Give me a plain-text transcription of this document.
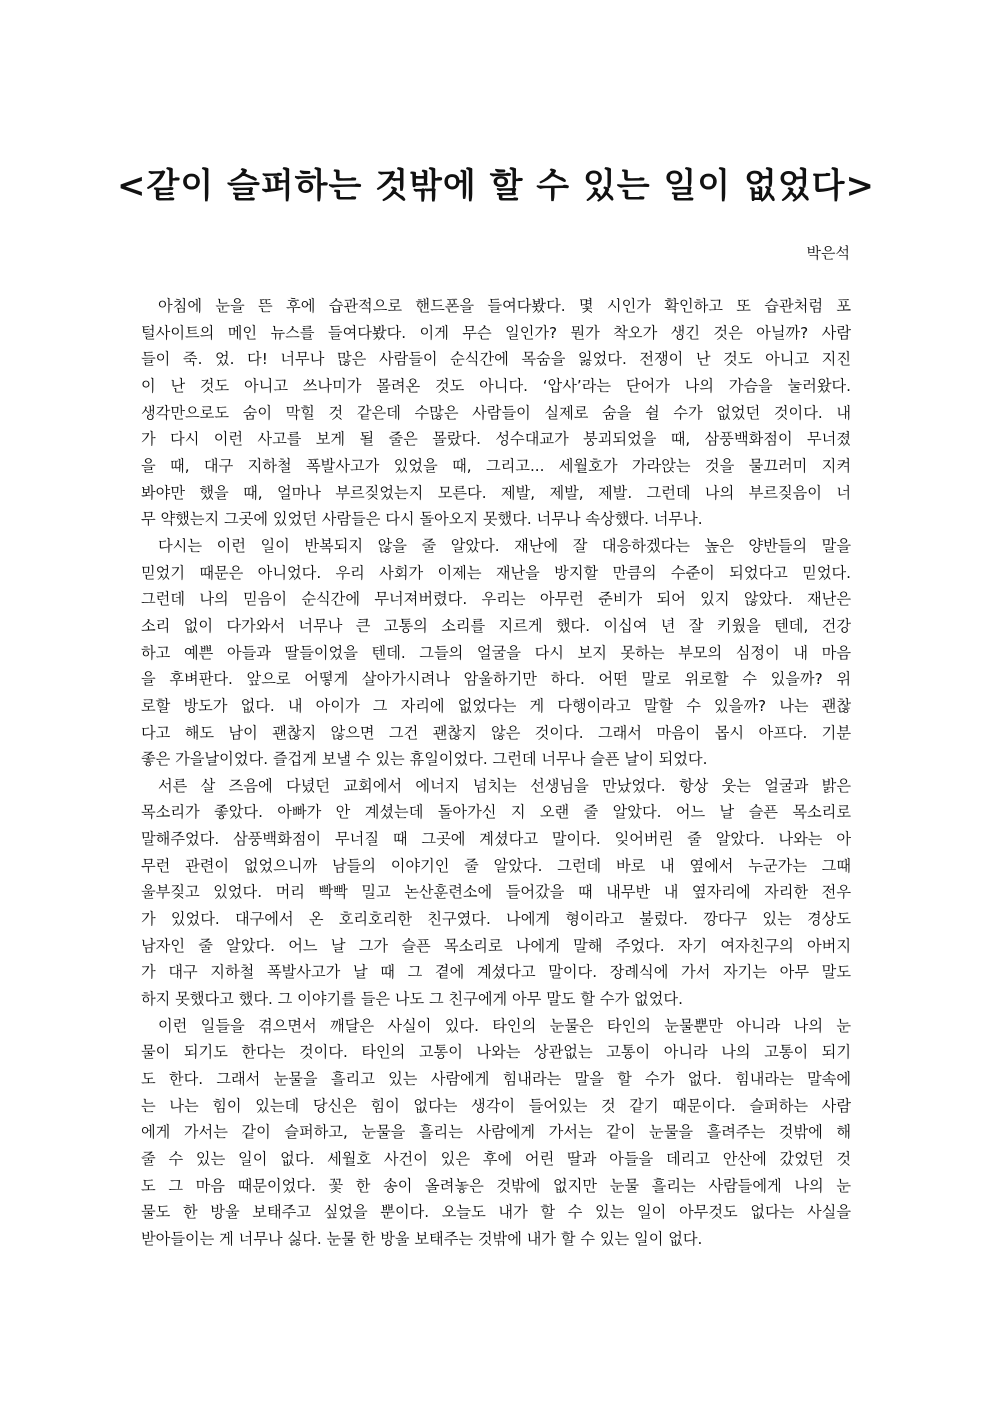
<같이 슬퍼하는 것밖에 할 수 있는 일이 없었다>
박은석
아침에 눈을 뜬 후에 습관적으로 핸드폰을 들여다봤다. 몇 시인가 확인하고 또 습관처럼 포
털사이트의 메인 뉴스를 들여다봤다. 이게 무슨 일인가? 뭔가 착오가 생긴 것은 아닐까? 사람
들이 죽. 었. 다! 너무나 많은 사람들이 순식간에 목숨을 잃었다. 전쟁이 난 것도 아니고 지진
이 난 것도 아니고 쓰나미가 몰려온 것도 아니다. ‘압사’라는 단어가 나의 가슴을 눌러왔다.
생각만으로도 숨이 막힐 것 같은데 수많은 사람들이 실제로 숨을 쉴 수가 없었던 것이다. 내
가 다시 이런 사고를 보게 될 줄은 몰랐다. 성수대교가 붕괴되었을 때, 삼풍백화점이 무너졌
을 때, 대구 지하철 폭발사고가 있었을 때, 그리고... 세월호가 가라앉는 것을 물끄러미 지켜
봐야만 했을 때, 얼마나 부르짖었는지 모른다. 제발, 제발, 제발. 그런데 나의 부르짖음이 너
무 약했는지 그곳에 있었던 사람들은 다시 돌아오지 못했다. 너무나 속상했다. 너무나.
다시는 이런 일이 반복되지 않을 줄 알았다. 재난에 잘 대응하겠다는 높은 양반들의 말을
믿었기 때문은 아니었다. 우리 사회가 이제는 재난을 방지할 만큼의 수준이 되었다고 믿었다.
그런데 나의 믿음이 순식간에 무너져버렸다. 우리는 아무런 준비가 되어 있지 않았다. 재난은
소리 없이 다가와서 너무나 큰 고통의 소리를 지르게 했다. 이십여 년 잘 키웠을 텐데, 건강
하고 예쁜 아들과 딸들이었을 텐데. 그들의 얼굴을 다시 보지 못하는 부모의 심정이 내 마음
을 후벼판다. 앞으로 어떻게 살아가시려나 암울하기만 하다. 어떤 말로 위로할 수 있을까? 위
로할 방도가 없다. 내 아이가 그 자리에 없었다는 게 다행이라고 말할 수 있을까? 나는 괜찮
다고 해도 남이 괜찮지 않으면 그건 괜찮지 않은 것이다. 그래서 마음이 몹시 아프다. 기분
좋은 가을날이었다. 즐겁게 보낼 수 있는 휴일이었다. 그런데 너무나 슬픈 날이 되었다.
서른 살 즈음에 다녔던 교회에서 에너지 넘치는 선생님을 만났었다. 항상 웃는 얼굴과 밝은
목소리가 좋았다. 아빠가 안 계셨는데 돌아가신 지 오랜 줄 알았다. 어느 날 슬픈 목소리로
말해주었다. 삼풍백화점이 무너질 때 그곳에 계셨다고 말이다. 잊어버린 줄 알았다. 나와는 아
무런 관련이 없었으니까 남들의 이야기인 줄 알았다. 그런데 바로 내 옆에서 누군가는 그때
울부짖고 있었다. 머리 빡빡 밀고 논산훈련소에 들어갔을 때 내무반 내 옆자리에 자리한 전우
가 있었다. 대구에서 온 호리호리한 친구였다. 나에게 형이라고 불렀다. 깡다구 있는 경상도
남자인 줄 알았다. 어느 날 그가 슬픈 목소리로 나에게 말해 주었다. 자기 여자친구의 아버지
가 대구 지하철 폭발사고가 날 때 그 곁에 계셨다고 말이다. 장례식에 가서 자기는 아무 말도
하지 못했다고 했다. 그 이야기를 들은 나도 그 친구에게 아무 말도 할 수가 없었다.
이런 일들을 겪으면서 깨달은 사실이 있다. 타인의 눈물은 타인의 눈물뿐만 아니라 나의 눈
물이 되기도 한다는 것이다. 타인의 고통이 나와는 상관없는 고통이 아니라 나의 고통이 되기
도 한다. 그래서 눈물을 흘리고 있는 사람에게 힘내라는 말을 할 수가 없다. 힘내라는 말속에
는 나는 힘이 있는데 당신은 힘이 없다는 생각이 들어있는 것 같기 때문이다. 슬퍼하는 사람
에게 가서는 같이 슬퍼하고, 눈물을 흘리는 사람에게 가서는 같이 눈물을 흘려주는 것밖에 해
줄 수 있는 일이 없다. 세월호 사건이 있은 후에 어린 딸과 아들을 데리고 안산에 갔었던 것
도 그 마음 때문이었다. 꽃 한 송이 올려놓은 것밖에 없지만 눈물 흘리는 사람들에게 나의 눈
물도 한 방울 보태주고 싶었을 뿐이다. 오늘도 내가 할 수 있는 일이 아무것도 없다는 사실을
받아들이는 게 너무나 싫다. 눈물 한 방울 보태주는 것밖에 내가 할 수 있는 일이 없다.
